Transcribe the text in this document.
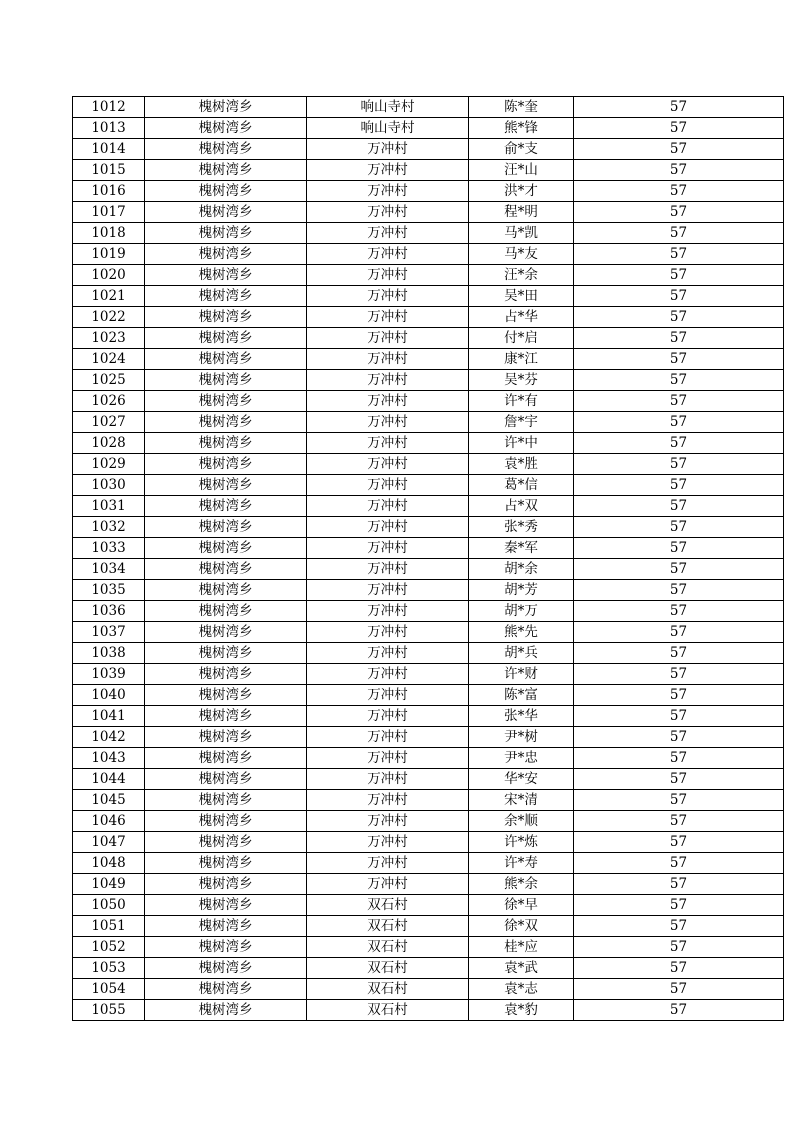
1012	槐树湾乡	响山寺村	陈*奎	57
1013	槐树湾乡	响山寺村	熊*锋	57
1014	槐树湾乡	万冲村	俞*支	57
1015	槐树湾乡	万冲村	汪*山	57
1016	槐树湾乡	万冲村	洪*才	57
1017	槐树湾乡	万冲村	程*明	57
1018	槐树湾乡	万冲村	马*凯	57
1019	槐树湾乡	万冲村	马*友	57
1020	槐树湾乡	万冲村	汪*余	57
1021	槐树湾乡	万冲村	吴*田	57
1022	槐树湾乡	万冲村	占*华	57
1023	槐树湾乡	万冲村	付*启	57
1024	槐树湾乡	万冲村	康*江	57
1025	槐树湾乡	万冲村	吴*芬	57
1026	槐树湾乡	万冲村	许*有	57
1027	槐树湾乡	万冲村	詹*宇	57
1028	槐树湾乡	万冲村	许*中	57
1029	槐树湾乡	万冲村	袁*胜	57
1030	槐树湾乡	万冲村	葛*信	57
1031	槐树湾乡	万冲村	占*双	57
1032	槐树湾乡	万冲村	张*秀	57
1033	槐树湾乡	万冲村	秦*军	57
1034	槐树湾乡	万冲村	胡*余	57
1035	槐树湾乡	万冲村	胡*芳	57
1036	槐树湾乡	万冲村	胡*万	57
1037	槐树湾乡	万冲村	熊*先	57
1038	槐树湾乡	万冲村	胡*兵	57
1039	槐树湾乡	万冲村	许*财	57
1040	槐树湾乡	万冲村	陈*富	57
1041	槐树湾乡	万冲村	张*华	57
1042	槐树湾乡	万冲村	尹*树	57
1043	槐树湾乡	万冲村	尹*忠	57
1044	槐树湾乡	万冲村	华*安	57
1045	槐树湾乡	万冲村	宋*清	57
1046	槐树湾乡	万冲村	余*顺	57
1047	槐树湾乡	万冲村	许*炼	57
1048	槐树湾乡	万冲村	许*寿	57
1049	槐树湾乡	万冲村	熊*余	57
1050	槐树湾乡	双石村	徐*早	57
1051	槐树湾乡	双石村	徐*双	57
1052	槐树湾乡	双石村	桂*应	57
1053	槐树湾乡	双石村	袁*武	57
1054	槐树湾乡	双石村	袁*志	57
1055	槐树湾乡	双石村	袁*豹	57
